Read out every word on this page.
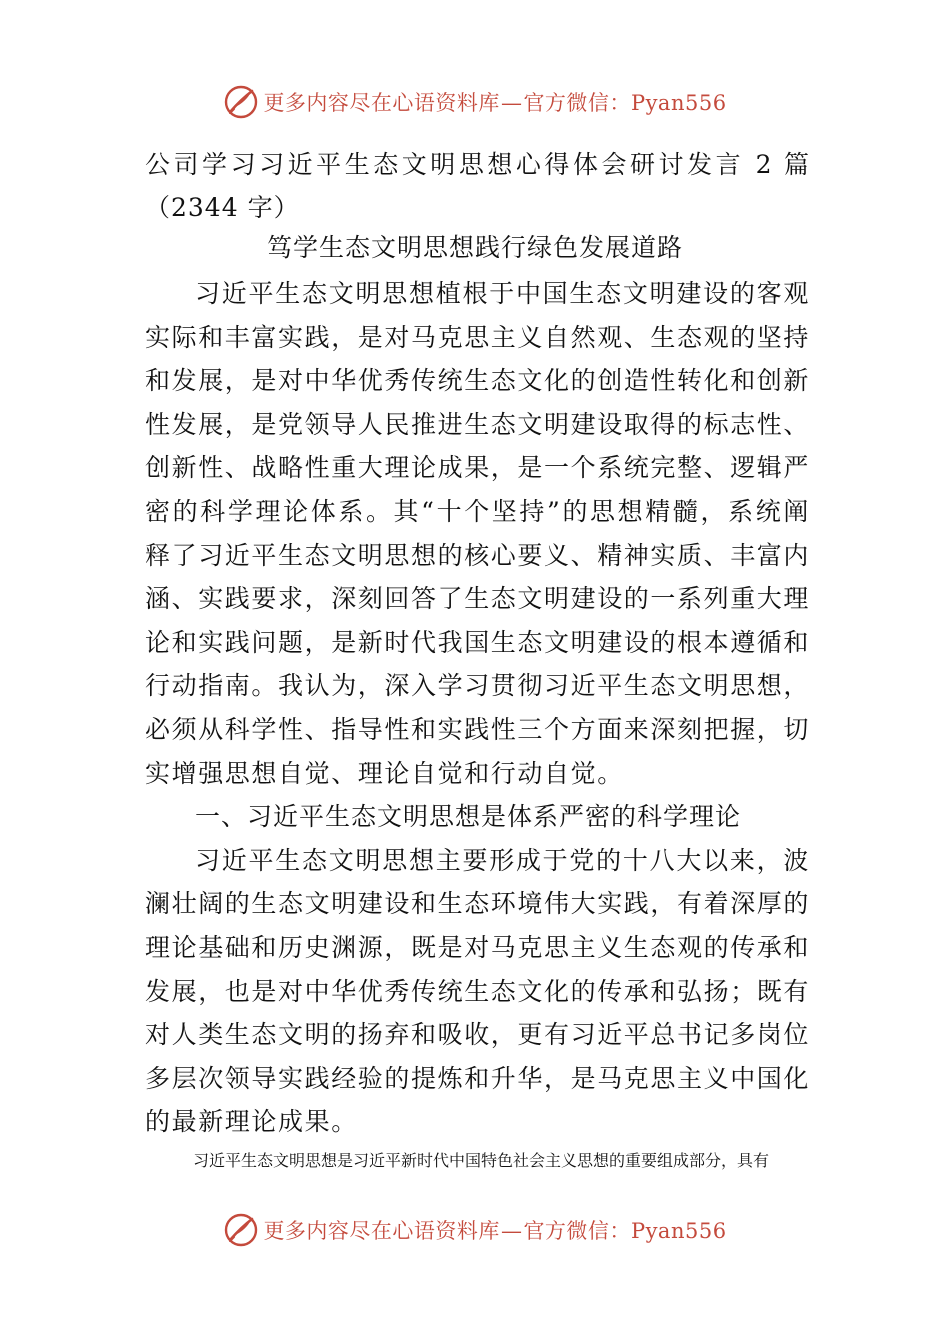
更多内容尽在心语资料库—官方微信：Pyan556
公司学习习近平生态文明思想心得体会研讨发言 2 篇（2344 字）
笃学生态文明思想践行绿色发展道路

习近平生态文明思想植根于中国生态文明建设的客观实际和丰富实践，是对马克思主义自然观、生态观的坚持和发展，是对中华优秀传统生态文化的创造性转化和创新性发展，是党领导人民推进生态文明建设取得的标志性、创新性、战略性重大理论成果，是一个系统完整、逻辑严密的科学理论体系。其“十个坚持”的思想精髓，系统阐释了习近平生态文明思想的核心要义、精神实质、丰富内涵、实践要求，深刻回答了生态文明建设的一系列重大理论和实践问题，是新时代我国生态文明建设的根本遵循和行动指南。我认为，深入学习贯彻习近平生态文明思想，必须从科学性、指导性和实践性三个方面来深刻把握，切实增强思想自觉、理论自觉和行动自觉。

一、习近平生态文明思想是体系严密的科学理论

习近平生态文明思想主要形成于党的十八大以来，波澜壮阔的生态文明建设和生态环境伟大实践，有着深厚的理论基础和历史渊源，既是对马克思主义生态观的传承和发展，也是对中华优秀传统生态文化的传承和弘扬；既有对人类生态文明的扬弃和吸收，更有习近平总书记多岗位多层次领导实践经验的提炼和升华，是马克思主义中国化的最新理论成果。

习近平生态文明思想是习近平新时代中国特色社会主义思想的重要组成部分，具有
更多内容尽在心语资料库—官方微信：Pyan556
